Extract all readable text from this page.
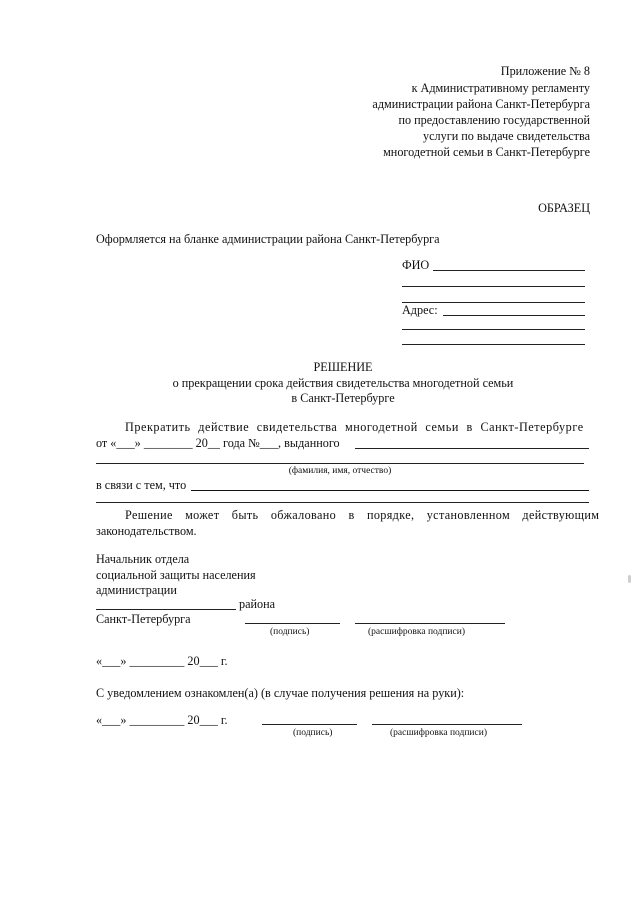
Приложение № 8
к Административному регламенту
администрации района Санкт-Петербурга
по предоставлению государственной
услуги по выдаче свидетельства
многодетной семьи в Санкт-Петербурге
ОБРАЗЕЦ
Оформляется на бланке администрации района Санкт-Петербурга
ФИО
Адрес:
РЕШЕНИЕ
о прекращении срока действия свидетельства многодетной семьи
в Санкт-Петербурге
Прекратить действие свидетельства многодетной семьи в Санкт-Петербурге
от «___» ________ 20__ года №___, выданного
(фамилия, имя, отчество)
в связи с тем, что
Решение может быть обжаловано в порядке, установленном действующим
законодательством.
Начальник отдела
социальной защиты населения
администрации
района
Санкт-Петербурга
(подпись)	(расшифровка подписи)
«___» _________ 20___ г.
С уведомлением ознакомлен(а) (в случае получения решения на руки):
«___» _________ 20___ г.
(подпись)	(расшифровка подписи)
